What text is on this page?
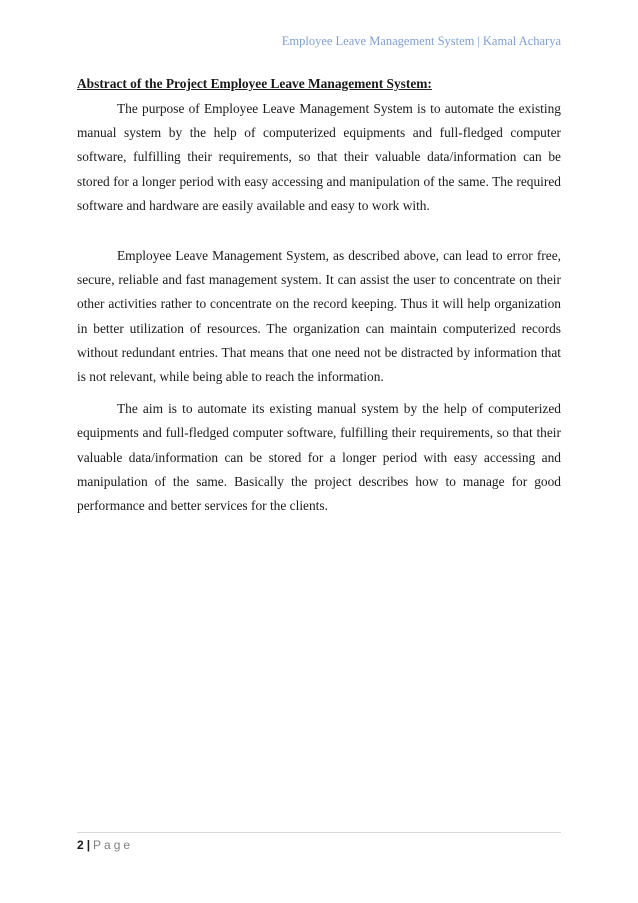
Employee Leave Management System | Kamal Acharya

Abstract of the Project Employee Leave Management System:

The purpose of Employee Leave Management System is to automate the existing manual system by the help of computerized equipments and full-fledged computer software, fulfilling their requirements, so that their valuable data/information can be stored for a longer period with easy accessing and manipulation of the same. The required software and hardware are easily available and easy to work with.

Employee Leave Management System, as described above, can lead to error free, secure, reliable and fast management system. It can assist the user to concentrate on their other activities rather to concentrate on the record keeping. Thus it will help organization in better utilization of resources. The organization can maintain computerized records without redundant entries. That means that one need not be distracted by information that is not relevant, while being able to reach the information.

The aim is to automate its existing manual system by the help of computerized equipments and full-fledged computer software, fulfilling their requirements, so that their valuable data/information can be stored for a longer period with easy accessing and manipulation of the same. Basically the project describes how to manage for good performance and better services for the clients.

2 | Page
